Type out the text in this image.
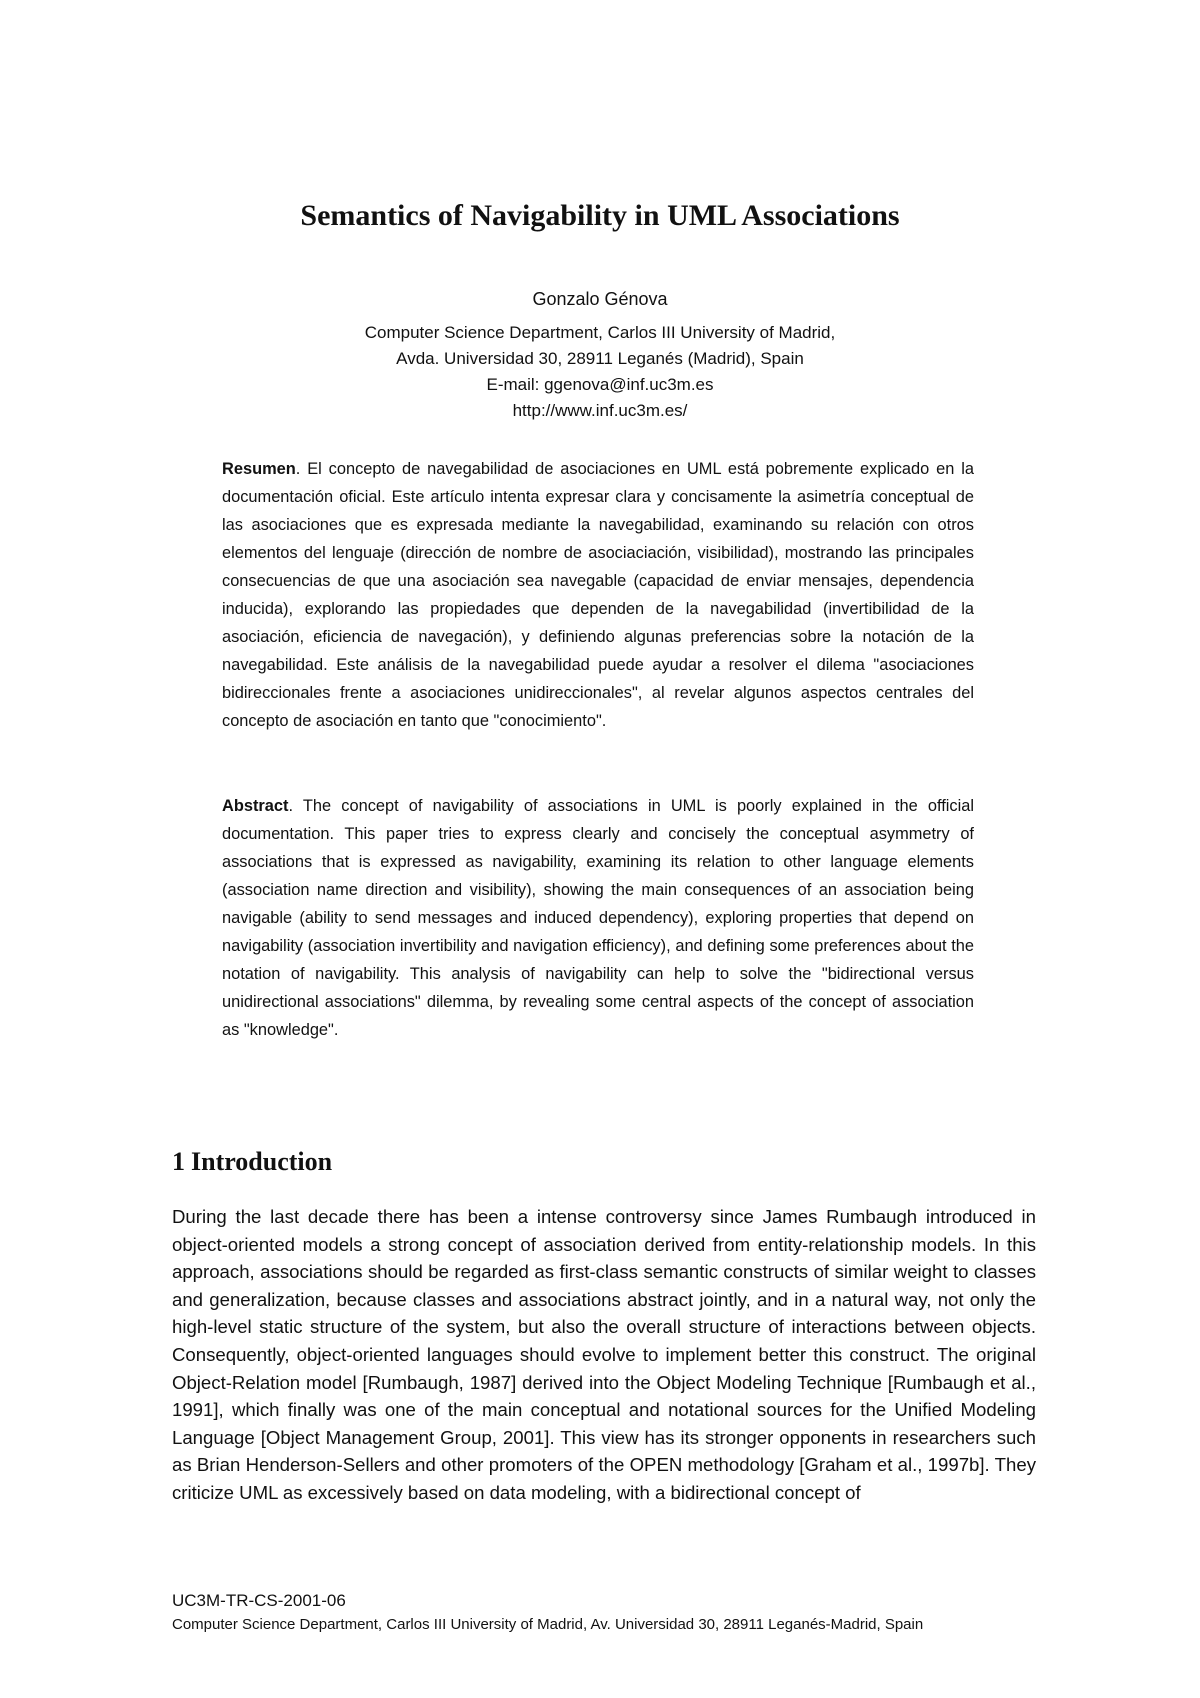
Semantics of Navigability in UML Associations
Gonzalo Génova
Computer Science Department, Carlos III University of Madrid,
Avda. Universidad 30, 28911 Leganés (Madrid), Spain
E-mail: ggenova@inf.uc3m.es
http://www.inf.uc3m.es/

Resumen. El concepto de navegabilidad de asociaciones en UML está pobremente explicado en la documentación oficial. Este artículo intenta expresar clara y concisamente la asimetría conceptual de las asociaciones que es expresada mediante la navegabilidad, examinando su relación con otros elementos del lenguaje (dirección de nombre de asociaciación, visibilidad), mostrando las principales consecuencias de que una asociación sea navegable (capacidad de enviar mensajes, dependencia inducida), explorando las propiedades que dependen de la navegabilidad (invertibilidad de la asociación, eficiencia de navegación), y definiendo algunas preferencias sobre la notación de la navegabilidad. Este análisis de la navegabilidad puede ayudar a resolver el dilema "asociaciones bidireccionales frente a asociaciones unidireccionales", al revelar algunos aspectos centrales del concepto de asociación en tanto que "conocimiento".

Abstract. The concept of navigability of associations in UML is poorly explained in the official documentation. This paper tries to express clearly and concisely the conceptual asymmetry of associations that is expressed as navigability, examining its relation to other language elements (association name direction and visibility), showing the main consequences of an association being navigable (ability to send messages and induced dependency), exploring properties that depend on navigability (association invertibility and navigation efficiency), and defining some preferences about the notation of navigability. This analysis of navigability can help to solve the "bidirectional versus unidirectional associations" dilemma, by revealing some central aspects of the concept of association as "knowledge".

1 Introduction

During the last decade there has been a intense controversy since James Rumbaugh introduced in object-oriented models a strong concept of association derived from entity-relationship models. In this approach, associations should be regarded as first-class semantic constructs of similar weight to classes and generalization, because classes and associations abstract jointly, and in a natural way, not only the high-level static structure of the system, but also the overall structure of interactions between objects. Consequently, object-oriented languages should evolve to implement better this construct. The original Object-Relation model [Rumbaugh, 1987] derived into the Object Modeling Technique [Rumbaugh et al., 1991], which finally was one of the main conceptual and notational sources for the Unified Modeling Language [Object Management Group, 2001]. This view has its stronger opponents in researchers such as Brian Henderson-Sellers and other promoters of the OPEN methodology [Graham et al., 1997b]. They criticize UML as excessively based on data modeling, with a bidirectional concept of

UC3M-TR-CS-2001-06
Computer Science Department, Carlos III University of Madrid, Av. Universidad 30, 28911 Leganés-Madrid, Spain
